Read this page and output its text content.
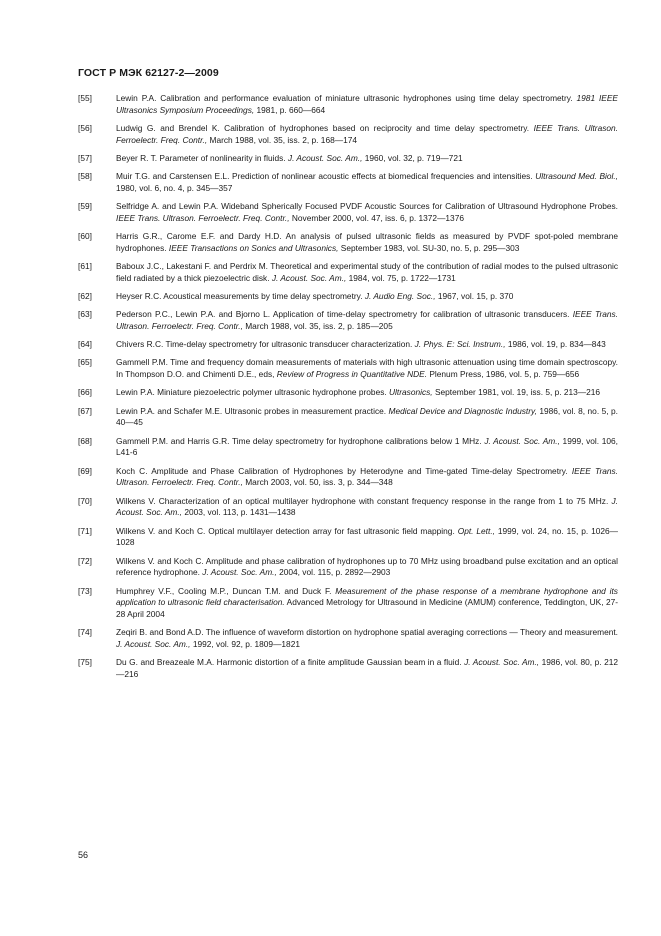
ГОСТ Р МЭК 62127-2—2009
[55]	Lewin P.A. Calibration and performance evaluation of miniature ultrasonic hydrophones using time delay spectrometry. 1981 IEEE Ultrasonics Symposium Proceedings, 1981, p. 660—664
[56]	Ludwig G. and Brendel K. Calibration of hydrophones based on reciprocity and time delay spectrometry. IEEE Trans. Ultrason. Ferroelectr. Freq. Contr., March 1988, vol. 35, iss. 2, p. 168—174
[57]	Beyer R. T. Parameter of nonlinearity in fluids. J. Acoust. Soc. Am., 1960, vol. 32, p. 719—721
[58]	Muir T.G. and Carstensen E.L. Prediction of nonlinear acoustic effects at biomedical frequencies and intensities. Ultrasound Med. Biol., 1980, vol. 6, no. 4, p. 345—357
[59]	Selfridge A. and Lewin P.A. Wideband Spherically Focused PVDF Acoustic Sources for Calibration of Ultrasound Hydrophone Probes. IEEE Trans. Ultrason. Ferroelectr. Freq. Contr., November 2000, vol. 47, iss. 6, p. 1372—1376
[60]	Harris G.R., Carome E.F. and Dardy H.D. An analysis of pulsed ultrasonic fields as measured by PVDF spot-poled membrane hydrophones. IEEE Transactions on Sonics and Ultrasonics, September 1983, vol. SU-30, no. 5, p. 295—303
[61]	Baboux J.C., Lakestani F. and Perdrix M. Theoretical and experimental study of the contribution of radial modes to the pulsed ultrasonic field radiated by a thick piezoelectric disk. J. Acoust. Soc. Am., 1984, vol. 75, p. 1722—1731
[62]	Heyser R.C. Acoustical measurements by time delay spectrometry. J. Audio Eng. Soc., 1967, vol. 15, p. 370
[63]	Pederson P.C., Lewin P.A. and Bjorno L. Application of time-delay spectrometry for calibration of ultrasonic transducers. IEEE Trans. Ultrason. Ferroelectr. Freq. Contr., March 1988, vol. 35, iss. 2, p. 185—205
[64]	Chivers R.C. Time-delay spectrometry for ultrasonic transducer characterization. J. Phys. E: Sci. Instrum., 1986, vol. 19, p. 834—843
[65]	Gammell P.M. Time and frequency domain measurements of materials with high ultrasonic attenuation using time domain spectroscopy. In Thompson D.O. and Chimenti D.E., eds, Review of Progress in Quantitative NDE. Plenum Press, 1986, vol. 5, p. 759—656
[66]	Lewin P.A. Miniature piezoelectric polymer ultrasonic hydrophone probes. Ultrasonics, September 1981, vol. 19, iss. 5, p. 213—216
[67]	Lewin P.A. and Schafer M.E. Ultrasonic probes in measurement practice. Medical Device and Diagnostic Industry, 1986, vol. 8, no. 5, p. 40—45
[68]	Gammell P.M. and Harris G.R. Time delay spectrometry for hydrophone calibrations below 1 MHz. J. Acoust. Soc. Am., 1999, vol. 106, L41-6
[69]	Koch C. Amplitude and Phase Calibration of Hydrophones by Heterodyne and Time-gated Time-delay Spectrometry. IEEE Trans. Ultrason. Ferroelectr. Freq. Contr., March 2003, vol. 50, iss. 3, p. 344—348
[70]	Wilkens V. Characterization of an optical multilayer hydrophone with constant frequency response in the range from 1 to 75 MHz. J. Acoust. Soc. Am., 2003, vol. 113, p. 1431—1438
[71]	Wilkens V. and Koch C. Optical multilayer detection array for fast ultrasonic field mapping. Opt. Lett., 1999, vol. 24, no. 15, p. 1026—1028
[72]	Wilkens V. and Koch C. Amplitude and phase calibration of hydrophones up to 70 MHz using broadband pulse excitation and an optical reference hydrophone. J. Acoust. Soc. Am., 2004, vol. 115, p. 2892—2903
[73]	Humphrey V.F., Cooling M.P., Duncan T.M. and Duck F. Measurement of the phase response of a membrane hydrophone and its application to ultrasonic field characterisation. Advanced Metrology for Ultrasound in Medicine (AMUM) conference, Teddington, UK, 27-28 April 2004
[74]	Zeqiri B. and Bond A.D. The influence of waveform distortion on hydrophone spatial averaging corrections — Theory and measurement. J. Acoust. Soc. Am., 1992, vol. 92, p. 1809—1821
[75]	Du G. and Breazeale M.A. Harmonic distortion of a finite amplitude Gaussian beam in a fluid. J. Acoust. Soc. Am., 1986, vol. 80, p. 212—216
56
